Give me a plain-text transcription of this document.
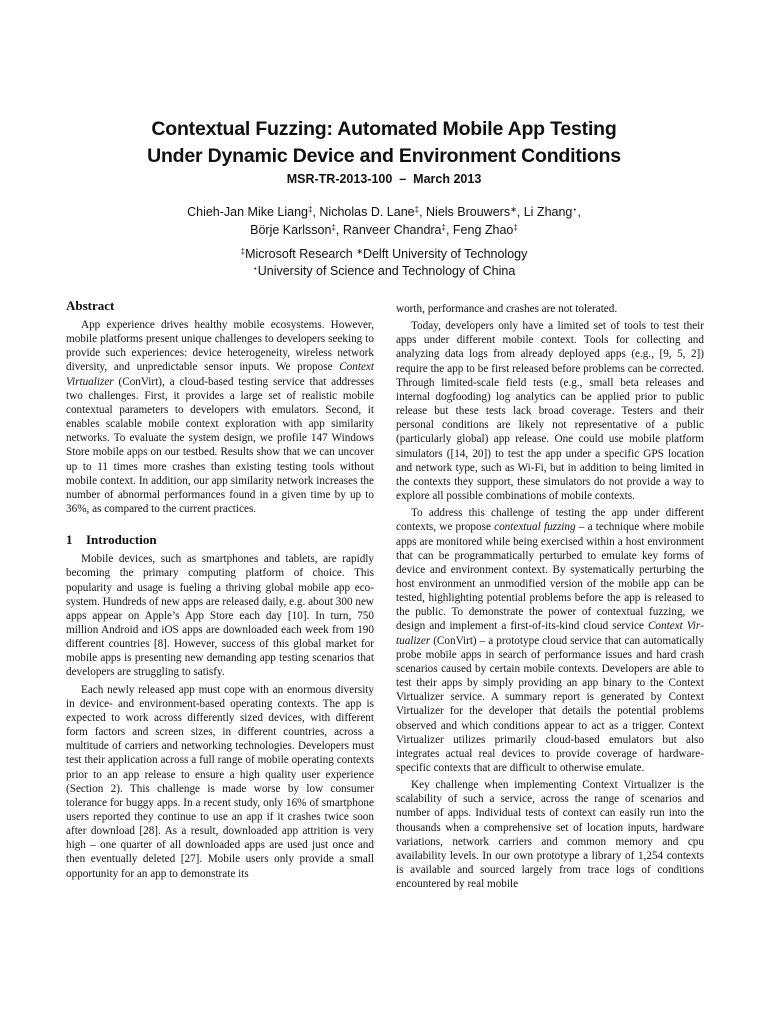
Contextual Fuzzing: Automated Mobile App Testing
Under Dynamic Device and Environment Conditions
MSR-TR-2013-100 – March 2013
Chieh-Jan Mike Liang‡, Nicholas D. Lane‡, Niels Brouwers∗, Li Zhang⋆,
Börje Karlsson‡, Ranveer Chandra‡, Feng Zhao‡
‡Microsoft Research ∗Delft University of Technology
⋆University of Science and Technology of China
Abstract

App experience drives healthy mobile ecosystems. However, mobile platforms present unique challenges to developers seeking to provide such experiences: device heterogeneity, wireless network diversity, and unpredictable sensor inputs. We propose Context Virtualizer (ConVirt), a cloud-based testing service that addresses two challenges. First, it provides a large set of realistic mobile contextual parameters to developers with emulators. Second, it enables scalable mobile context exploration with app similarity networks. To evaluate the system design, we profile 147 Windows Store mobile apps on our testbed. Results show that we can uncover up to 11 times more crashes than existing testing tools without mobile context. In addition, our app similarity network increases the number of abnormal performances found in a given time by up to 36%, as compared to the current practices.

1 Introduction

Mobile devices, such as smartphones and tablets, are rapidly becoming the primary computing platform of choice. This popularity and usage is fueling a thriving global mobile app eco-system. Hundreds of new apps are released daily, e.g. about 300 new apps appear on Apple’s App Store each day [10]. In turn, 750 million Android and iOS apps are downloaded each week from 190 different countries [8]. However, success of this global market for mobile apps is presenting new demanding app testing scenarios that developers are struggling to satisfy.

Each newly released app must cope with an enormous diversity in device- and environment-based operating contexts. The app is expected to work across differently sized devices, with different form factors and screen sizes, in different countries, across a multitude of carriers and networking technologies. Developers must test their application across a full range of mobile operating contexts prior to an app release to ensure a high quality user experience (Section 2). This challenge is made worse by low consumer tolerance for buggy apps. In a recent study, only 16% of smartphone users reported they continue to use an app if it crashes twice soon after download [28]. As a result, downloaded app attrition is very high – one quarter of all downloaded apps are used just once and then eventually deleted [27]. Mobile users only provide a small opportunity for an app to demonstrate its

worth, performance and crashes are not tolerated.

Today, developers only have a limited set of tools to test their apps under different mobile context. Tools for collecting and analyzing data logs from already deployed apps (e.g., [9, 5, 2]) require the app to be first released before problems can be corrected. Through limited-scale field tests (e.g., small beta releases and internal dogfooding) log analytics can be applied prior to public release but these tests lack broad coverage. Testers and their personal conditions are likely not representative of a public (particularly global) app release. One could use mobile platform simulators ([14, 20]) to test the app under a specific GPS location and network type, such as Wi-Fi, but in addition to being limited in the contexts they support, these simulators do not provide a way to explore all possible combinations of mobile contexts.

To address this challenge of testing the app under different contexts, we propose contextual fuzzing – a technique where mobile apps are monitored while being exercised within a host environment that can be programmatically perturbed to emulate key forms of device and environment context. By systematically perturbing the host environment an unmodified version of the mobile app can be tested, highlighting potential problems before the app is released to the public. To demonstrate the power of contextual fuzzing, we design and implement a first-of-its-kind cloud service Context Virtualizer (ConVirt) – a prototype cloud service that can automatically probe mobile apps in search of performance issues and hard crash scenarios caused by certain mobile contexts. Developers are able to test their apps by simply providing an app binary to the Context Virtualizer service. A summary report is generated by Context Virtualizer for the developer that details the potential problems observed and which conditions appear to act as a trigger. Context Virtualizer utilizes primarily cloud-based emulators but also integrates actual real devices to provide coverage of hardware-specific contexts that are difficult to otherwise emulate.

Key challenge when implementing Context Virtualizer is the scalability of such a service, across the range of scenarios and number of apps. Individual tests of context can easily run into the thousands when a comprehensive set of location inputs, hardware variations, network carriers and common memory and cpu availability levels. In our own prototype a library of 1,254 contexts is available and sourced largely from trace logs of conditions encountered by real mobile
